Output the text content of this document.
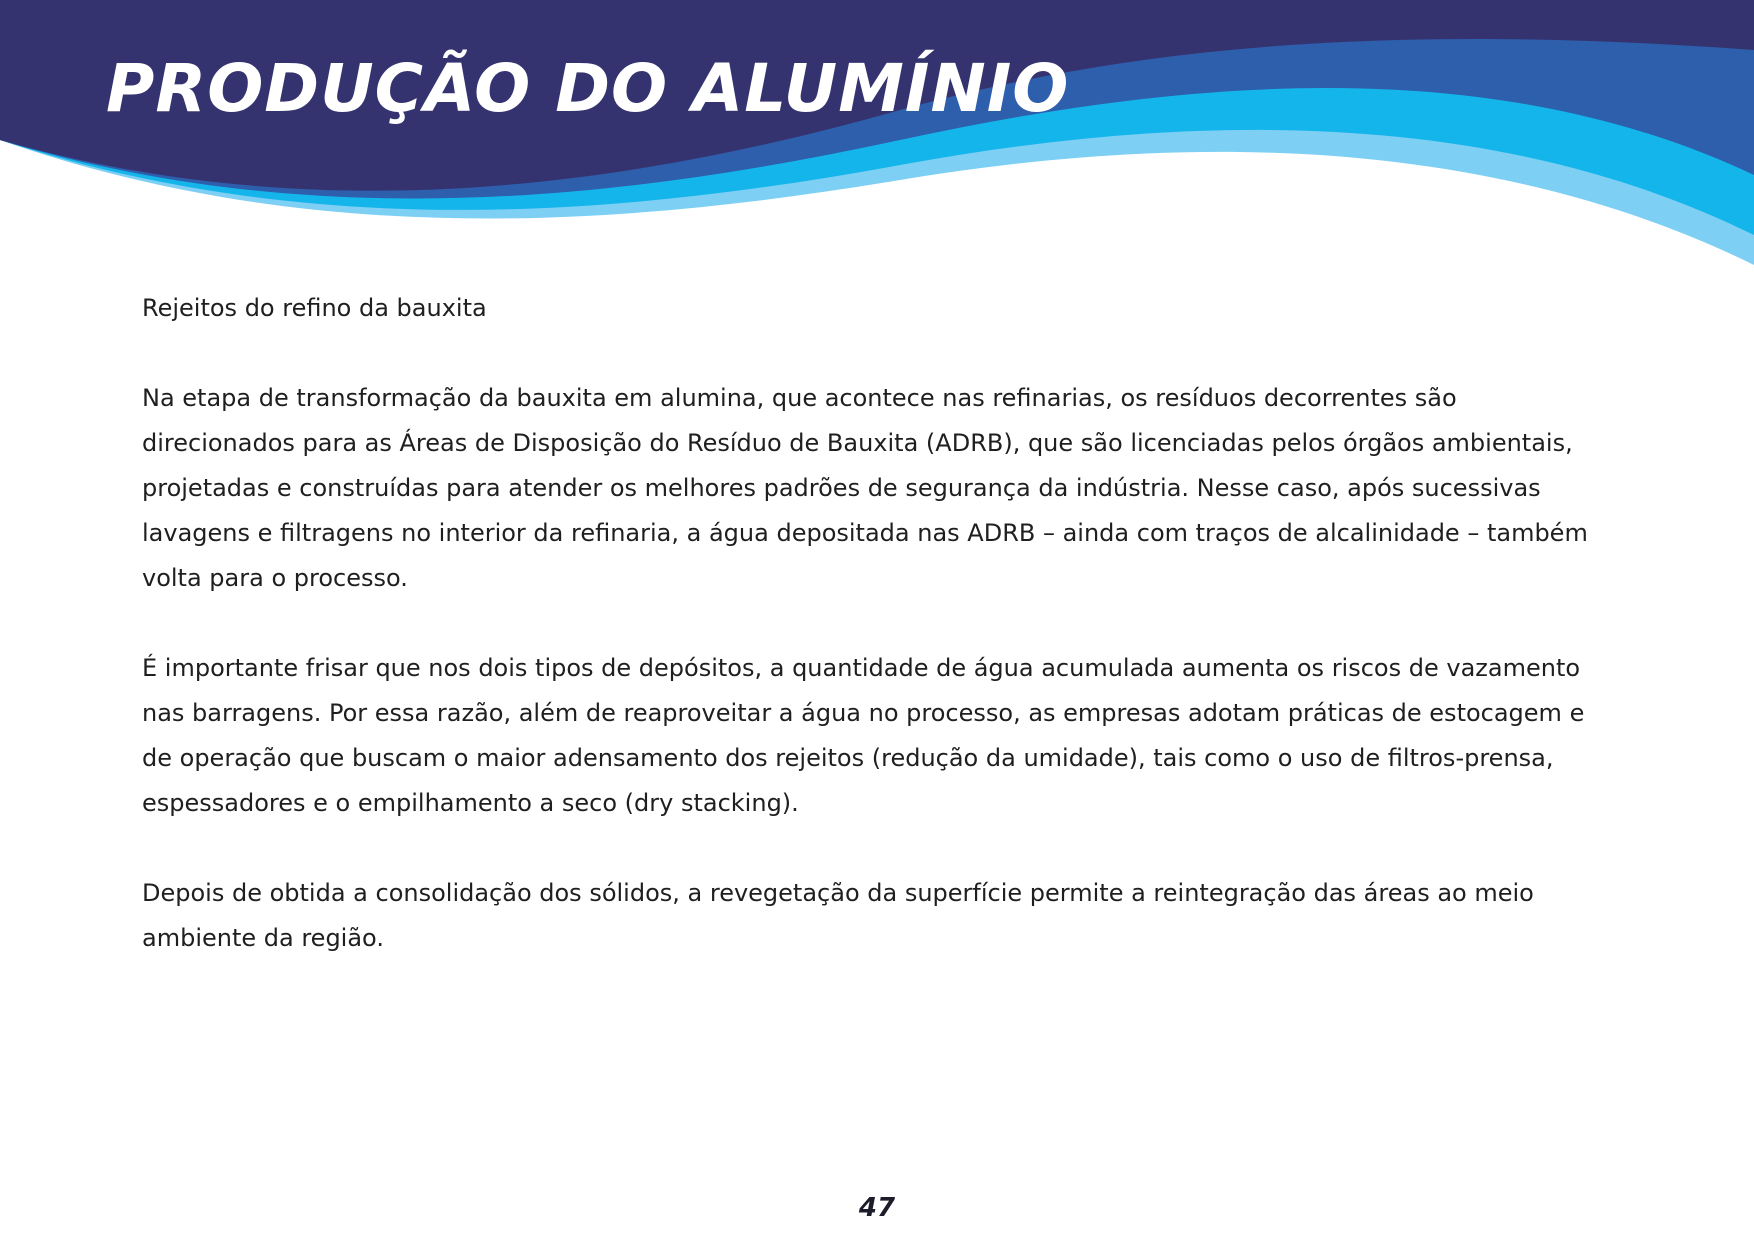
PRODUÇÃO DO ALUMÍNIO

Rejeitos do refino da bauxita

Na etapa de transformação da bauxita em alumina, que acontece nas refinarias, os resíduos decorrentes são direcionados para as Áreas de Disposição do Resíduo de Bauxita (ADRB), que são licenciadas pelos órgãos ambientais, projetadas e construídas para atender os melhores padrões de segurança da indústria. Nesse caso, após sucessivas lavagens e filtragens no interior da refinaria, a água depositada nas ADRB – ainda com traços de alcalinidade – também volta para o processo.

É importante frisar que nos dois tipos de depósitos, a quantidade de água acumulada aumenta os riscos de vazamento nas barragens. Por essa razão, além de reaproveitar a água no processo, as empresas adotam práticas de estocagem e de operação que buscam o maior adensamento dos rejeitos (redução da umidade), tais como o uso de filtros-prensa, espessadores e o empilhamento a seco (dry stacking).

Depois de obtida a consolidação dos sólidos, a revegetação da superfície permite a reintegração das áreas ao meio ambiente da região.

47
